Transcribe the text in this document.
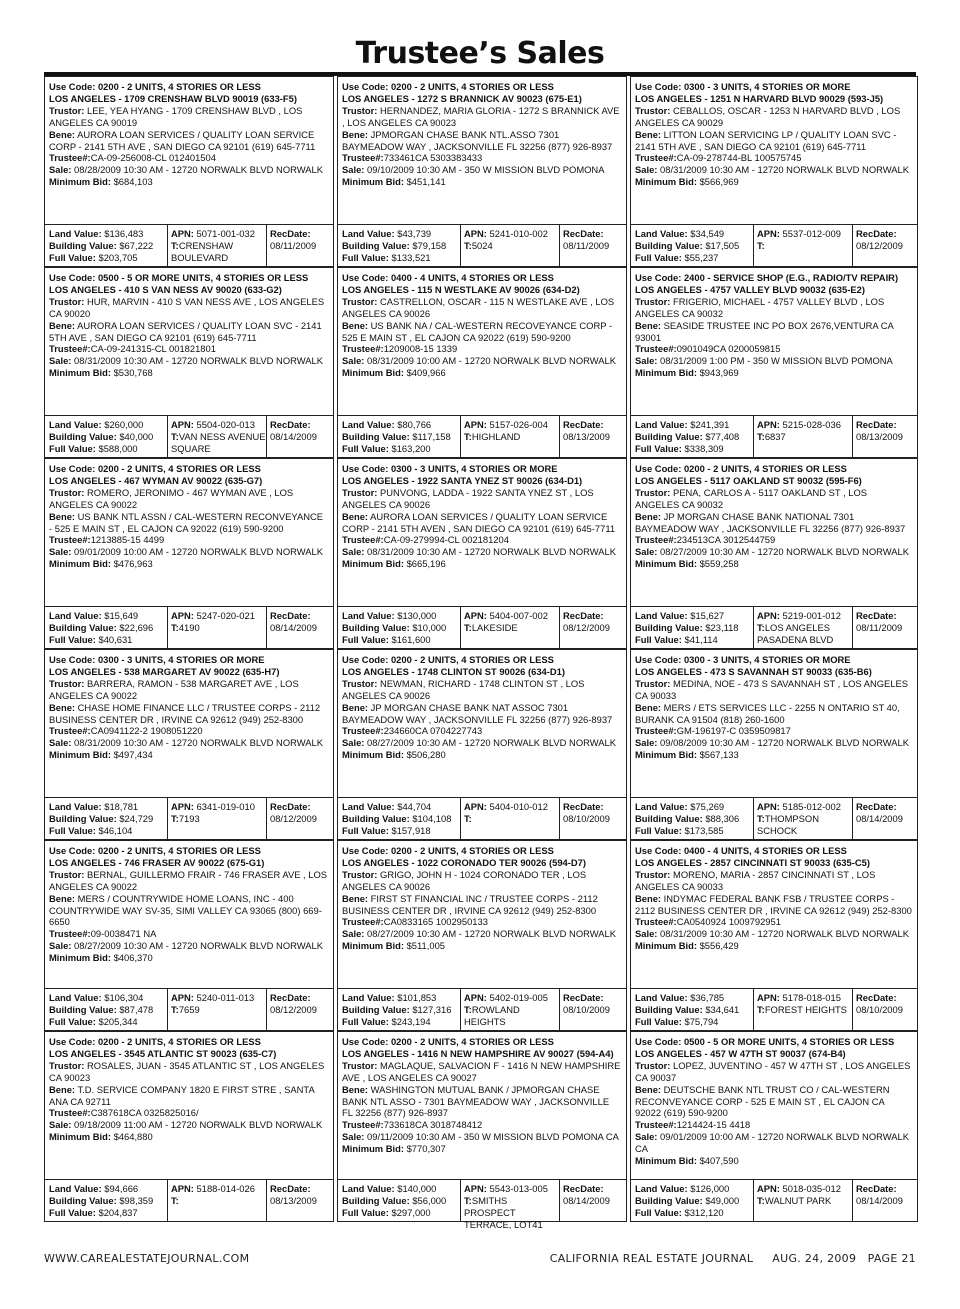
Trustee’s Sales
Use Code: 0200 - 2 UNITS, 4 STORIES OR LESS
LOS ANGELES - 1709 CRENSHAW BLVD 90019 (633-F5)
Trustor: LEE, YEA HYANG - 1709 CRENSHAW BLVD , LOS ANGELES CA 90019
Bene: AURORA LOAN SERVICES / QUALITY LOAN SERVICE CORP - 2141 5TH AVE , SAN DIEGO CA 92101 (619) 645-7711
Trustee#:CA-09-256008-CL 012401504
Sale: 08/28/2009 10:30 AM - 12720 NORWALK BLVD NORWALK
Minimum Bid: $684,103
Land Value: $136,483
Building Value: $67,222
Full Value: $203,705
APN: 5071-001-032
T:CRENSHAW BOULEVARD
RecDate:
08/11/2009
Use Code: 0200 - 2 UNITS, 4 STORIES OR LESS
LOS ANGELES - 1272 S BRANNICK AV 90023 (675-E1)
Trustor: HERNANDEZ, MARIA GLORIA - 1272 S BRANNICK AVE , LOS ANGELES CA 90023
Bene: JPMORGAN CHASE BANK NTL.ASSO 7301 BAYMEADOW WAY , JACKSONVILLE FL 32256 (877) 926-8937
Trustee#:733461CA 5303383433
Sale: 09/10/2009 10:30 AM - 350 W MISSION BLVD POMONA
Minimum Bid: $451,141
Land Value: $43,739
Building Value: $79,158
Full Value: $133,521
APN: 5241-010-002
T:5024
RecDate:
08/11/2009
Use Code: 0300 - 3 UNITS, 4 STORIES OR MORE
LOS ANGELES - 1251 N HARVARD BLVD 90029 (593-J5)
Trustor: CEBALLOS, OSCAR - 1253 N HARVARD BLVD , LOS ANGELES CA 90029
Bene: LITTON LOAN SERVICING LP / QUALITY LOAN SVC - 2141 5TH AVE , SAN DIEGO CA 92101 (619) 645-7711
Trustee#:CA-09-278744-BL 100575745
Sale: 08/31/2009 10:30 AM - 12720 NORWALK BLVD NORWALK
Minimum Bid: $566,969
Land Value: $34,549
Building Value: $17,505
Full Value: $55,237
APN: 5537-012-009
T:
RecDate:
08/12/2009
Use Code: 0500 - 5 OR MORE UNITS, 4 STORIES OR LESS
LOS ANGELES - 410 S VAN NESS AV 90020 (633-G2)
Trustor: HUR, MARVIN - 410 S VAN NESS AVE , LOS ANGELES CA 90020
Bene: AURORA LOAN SERVICES / QUALITY LOAN SVC - 2141 5TH AVE , SAN DIEGO CA 92101 (619) 645-7711
Trustee#:CA-09-241315-CL 001821801
Sale: 08/31/2009 10:30 AM - 12720 NORWALK BLVD NORWALK
Minimum Bid: $530,768
Land Value: $260,000
Building Value: $40,000
Full Value: $588,000
APN: 5504-020-013
T:VAN NESS AVENUE SQUARE
RecDate:
08/14/2009
Use Code: 0400 - 4 UNITS, 4 STORIES OR LESS
LOS ANGELES - 115 N WESTLAKE AV 90026 (634-D2)
Trustor: CASTRELLON, OSCAR - 115 N WESTLAKE AVE , LOS ANGELES CA 90026
Bene: US BANK NA / CAL-WESTERN RECOVEYANCE CORP - 525 E MAIN ST , EL CAJON CA 92022 (619) 590-9200
Trustee#:1209008-15 1339
Sale: 08/31/2009 10:00 AM - 12720 NORWALK BLVD NORWALK
Minimum Bid: $409,966
Land Value: $80,766
Building Value: $117,158
Full Value: $163,200
APN: 5157-026-004
T:HIGHLAND
RecDate:
08/13/2009
Use Code: 2400 - SERVICE SHOP (E.G., RADIO/TV REPAIR)
LOS ANGELES - 4757 VALLEY BLVD 90032 (635-E2)
Trustor: FRIGERIO, MICHAEL - 4757 VALLEY BLVD , LOS ANGELES CA 90032
Bene: SEASIDE TRUSTEE INC PO BOX 2676,VENTURA CA 93001
Trustee#:0901049CA 0200059815
Sale: 08/31/2009 1:00 PM - 350 W MISSION BLVD POMONA
Minimum Bid: $943,969
Land Value: $241,391
Building Value: $77,408
Full Value: $338,309
APN: 5215-028-036
T:6837
RecDate:
08/13/2009
Use Code: 0200 - 2 UNITS, 4 STORIES OR LESS
LOS ANGELES - 467 WYMAN AV 90022 (635-G7)
Trustor: ROMERO, JERONIMO - 467 WYMAN AVE , LOS ANGELES CA 90022
Bene: US BANK NTL ASSN / CAL-WESTERN RECONVEYANCE - 525 E MAIN ST , EL CAJON CA 92022 (619) 590-9200
Trustee#:1213885-15 4499
Sale: 09/01/2009 10:00 AM - 12720 NORWALK BLVD NORWALK
Minimum Bid: $476,963
Land Value: $15,649
Building Value: $22,696
Full Value: $40,631
APN: 5247-020-021
T:4190
RecDate:
08/14/2009
Use Code: 0300 - 3 UNITS, 4 STORIES OR MORE
LOS ANGELES - 1922 SANTA YNEZ ST 90026 (634-D1)
Trustor: PUNVONG, LADDA - 1922 SANTA YNEZ ST , LOS ANGELES CA 90026
Bene: AURORA LOAN SERVICES / QUALITY LOAN SERVICE CORP - 2141 5TH AVEN , SAN DIEGO CA 92101 (619) 645-7711
Trustee#:CA-09-279994-CL 002181204
Sale: 08/31/2009 10:30 AM - 12720 NORWALK BLVD NORWALK
Minimum Bid: $665,196
Land Value: $130,000
Building Value: $10,000
Full Value: $161,600
APN: 5404-007-002
T:LAKESIDE
RecDate:
08/12/2009
Use Code: 0200 - 2 UNITS, 4 STORIES OR LESS
LOS ANGELES - 5117 OAKLAND ST 90032 (595-F6)
Trustor: PENA, CARLOS A - 5117 OAKLAND ST , LOS ANGELES CA 90032
Bene: JP MORGAN CHASE BANK NATIONAL 7301 BAYMEADOW WAY , JACKSONVILLE FL 32256 (877) 926-8937
Trustee#:234513CA 3012544759
Sale: 08/27/2009 10:30 AM - 12720 NORWALK BLVD NORWALK
Minimum Bid: $559,258
Land Value: $15,627
Building Value: $23,118
Full Value: $41,114
APN: 5219-001-012
T:LOS ANGELES PASADENA BLVD
RecDate:
08/11/2009
Use Code: 0300 - 3 UNITS, 4 STORIES OR MORE
LOS ANGELES - 538 MARGARET AV 90022 (635-H7)
Trustor: BARRERA, RAMON - 538 MARGARET AVE , LOS ANGELES CA 90022
Bene: CHASE HOME FINANCE LLC / TRUSTEE CORPS - 2112 BUSINESS CENTER DR , IRVINE CA 92612 (949) 252-8300
Trustee#:CA0941122-2 1908051220
Sale: 08/31/2009 10:30 AM - 12720 NORWALK BLVD NORWALK
Minimum Bid: $497,434
Land Value: $18,781
Building Value: $24,729
Full Value: $46,104
APN: 6341-019-010
T:7193
RecDate:
08/12/2009
Use Code: 0200 - 2 UNITS, 4 STORIES OR LESS
LOS ANGELES - 1748 CLINTON ST 90026 (634-D1)
Trustor: NEWMAN, RICHARD - 1748 CLINTON ST , LOS ANGELES CA 90026
Bene: JP MORGAN CHASE BANK NAT ASSOC 7301 BAYMEADOW WAY , JACKSONVILLE FL 32256 (877) 926-8937
Trustee#:234660CA 0704227743
Sale: 08/27/2009 10:30 AM - 12720 NORWALK BLVD NORWALK
Minimum Bid: $506,280
Land Value: $44,704
Building Value: $104,108
Full Value: $157,918
APN: 5404-010-012
T:
RecDate:
08/10/2009
Use Code: 0300 - 3 UNITS, 4 STORIES OR MORE
LOS ANGELES - 473 S SAVANNAH ST 90033 (635-B6)
Trustor: MEDINA, NOE - 473 S SAVANNAH ST , LOS ANGELES CA 90033
Bene: MERS / ETS SERVICES LLC - 2255 N ONTARIO ST 40, BURANK CA 91504 (818) 260-1600
Trustee#:GM-196197-C 0359509817
Sale: 09/08/2009 10:30 AM - 12720 NORWALK BLVD NORWALK
Minimum Bid: $567,133
Land Value: $75,269
Building Value: $88,306
Full Value: $173,585
APN: 5185-012-002
T:THOMPSON SCHOCK
RecDate:
08/14/2009
Use Code: 0200 - 2 UNITS, 4 STORIES OR LESS
LOS ANGELES - 746 FRASER AV 90022 (675-G1)
Trustor: BERNAL, GUILLERMO FRAIR - 746 FRASER AVE , LOS ANGELES CA 90022
Bene: MERS / COUNTRYWIDE HOME LOANS, INC - 400 COUNTRYWIDE WAY SV-35, SIMI VALLEY CA 93065 (800) 669-6650
Trustee#:09-0038471 NA
Sale: 08/27/2009 10:30 AM - 12720 NORWALK BLVD NORWALK
Minimum Bid: $406,370
Land Value: $106,304
Building Value: $87,478
Full Value: $205,344
APN: 5240-011-013
T:7659
RecDate:
08/12/2009
Use Code: 0200 - 2 UNITS, 4 STORIES OR LESS
LOS ANGELES - 1022 CORONADO TER 90026 (594-D7)
Trustor: GRIGO, JOHN H - 1024 CORONADO TER , LOS ANGELES CA 90026
Bene: FIRST ST FINANCIAL INC / TRUSTEE CORPS - 2112 BUSINESS CENTER DR , IRVINE CA 92612 (949) 252-8300
Trustee#:CA0833165 1002950133
Sale: 08/27/2009 10:30 AM - 12720 NORWALK BLVD NORWALK
Minimum Bid: $511,005
Land Value: $101,853
Building Value: $127,316
Full Value: $243,194
APN: 5402-019-005
T:ROWLAND HEIGHTS
RecDate:
08/10/2009
Use Code: 0400 - 4 UNITS, 4 STORIES OR LESS
LOS ANGELES - 2857 CINCINNATI ST 90033 (635-C5)
Trustor: MORENO, MARIA - 2857 CINCINNATI ST , LOS ANGELES CA 90033
Bene: INDYMAC FEDERAL BANK FSB / TRUSTEE CORPS - 2112 BUSINESS CENTER DR , IRVINE CA 92612 (949) 252-8300
Trustee#:CA0540924 1009792951
Sale: 08/31/2009 10:30 AM - 12720 NORWALK BLVD NORWALK
Minimum Bid: $556,429
Land Value: $36,785
Building Value: $34,641
Full Value: $75,794
APN: 5178-018-015
T:FOREST HEIGHTS
RecDate:
08/10/2009
Use Code: 0200 - 2 UNITS, 4 STORIES OR LESS
LOS ANGELES - 3545 ATLANTIC ST 90023 (635-C7)
Trustor: ROSALES, JUAN - 3545 ATLANTIC ST , LOS ANGELES CA 90023
Bene: T.D. SERVICE COMPANY 1820 E FIRST STRE , SANTA ANA CA 92711
Trustee#:C387618CA 0325825016/
Sale: 09/18/2009 11:00 AM - 12720 NORWALK BLVD NORWALK
Minimum Bid: $464,880
Land Value: $94,666
Building Value: $98,359
Full Value: $204,837
APN: 5188-014-026
T:
RecDate:
08/13/2009
Use Code: 0200 - 2 UNITS, 4 STORIES OR LESS
LOS ANGELES - 1416 N NEW HAMPSHIRE AV 90027 (594-A4)
Trustor: MAGLAQUE, SALVACION F - 1416 N NEW HAMPSHIRE AVE , LOS ANGELES CA 90027
Bene: WASHINGTON MUTUAL BANK / JPMORGAN CHASE BANK NTL ASSO - 7301 BAYMEADOW WAY , JACKSONVILLE FL 32256 (877) 926-8937
Trustee#:733618CA 3018748412
Sale: 09/11/2009 10:30 AM - 350 W MISSION BLVD POMONA CA
Minimum Bid: $770,307
Land Value: $140,000
Building Value: $56,000
Full Value: $297,000
APN: 5543-013-005
T:SMITHS PROSPECT TERRACE, LOT41
RecDate:
08/14/2009
Use Code: 0500 - 5 OR MORE UNITS, 4 STORIES OR LESS
LOS ANGELES - 457 W 47TH ST 90037 (674-B4)
Trustor: LOPEZ, JUVENTINO - 457 W 47TH ST , LOS ANGELES CA 90037
Bene: DEUTSCHE BANK NTL TRUST CO / CAL-WESTERN RECONVEYANCE CORP - 525 E MAIN ST , EL CAJON CA 92022 (619) 590-9200
Trustee#:1214424-15 4418
Sale: 09/01/2009 10:00 AM - 12720 NORWALK BLVD NORWALK CA
Minimum Bid: $407,590
Land Value: $126,000
Building Value: $49,000
Full Value: $312,120
APN: 5018-035-012
T:WALNUT PARK
RecDate:
08/14/2009
WWW.CAREALESTATEJOURNAL.COM	CALIFORNIA REAL ESTATE JOURNAL     AUG. 24, 2009   PAGE 21
